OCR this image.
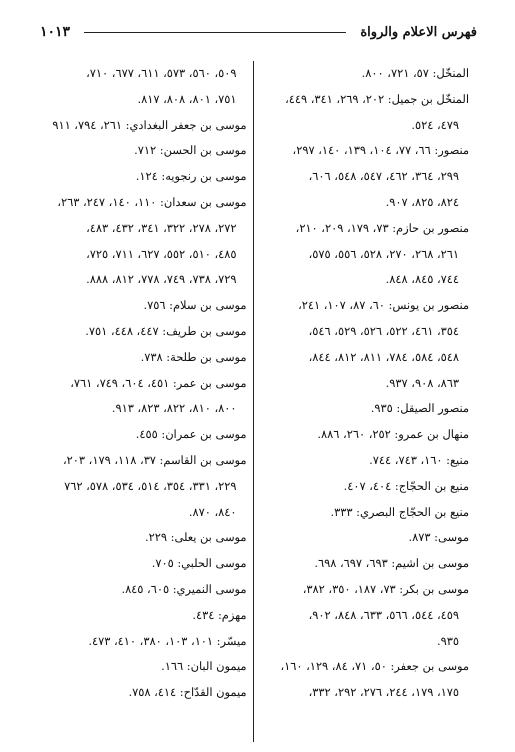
فهرس الاعلام والرواة
١٠١٣
المنخّل: ٥٧، ٧٢١، ٨٠٠.
المنخّل بن جميل: ٢٠٢، ٢٦٩، ٣٤١، ٤٤٩،
٤٧٩، ٥٢٤.
منصور: ٦٦، ٧٧، ١٠٤، ١٣٩، ١٤٠، ٢٩٧،
٢٩٩، ٣٦٤، ٤٦٢، ٥٤٧، ٥٤٨، ٦٠٦،
٨٢٤، ٨٢٥، ٩٠٧.
منصور بن حازم: ٧٣، ١٧٩، ٢٠٩، ٢١٠،
٢٦١، ٢٦٨، ٢٧٠، ٥٢٨، ٥٥٦، ٥٧٥،
٧٤٤، ٨٤٥، ٨٤٨.
منصور بن يونس: ٦٠، ٨٧، ١٠٧، ٢٤١،
٣٥٤، ٤٦١، ٥٢٢، ٥٢٦، ٥٢٩، ٥٤٦،
٥٤٨، ٥٨٤، ٧٨٤، ٨١١، ٨١٢، ٨٤٤،
٨٦٣، ٩٠٨، ٩٣٧.
منصور الصيقل: ٩٣٥.
منهال بن عمرو: ٢٥٢، ٢٦٠، ٨٨٦.
منيع: ١٦٠، ٧٤٣، ٧٤٤.
منيع بن الحجّاج: ٤٠٤، ٤٠٧.
منيع بن الحجّاج البصري: ٣٣٣.
موسى: ٨٧٣.
موسى بن اشيم: ٦٩٣، ٦٩٧، ٦٩٨.
موسى بن بكر: ٧٣، ١٨٧، ٣٥٠، ٣٨٢،
٤٥٩، ٥٤٤، ٥٦٦، ٦٣٣، ٨٤٨، ٩٠٢،
٩٣٥.
موسى بن جعفر: ٥٠، ٧١، ٨٤، ١٢٩، ١٦٠،
١٧٥، ١٧٩، ٢٤٤، ٢٧٦، ٢٩٢، ٣٣٢،
٥٠٩، ٥٦٠، ٥٧٣، ٦١١، ٦٧٧، ٧١٠،
٧٥١، ٨٠١، ٨٠٨، ٨١٧.
موسى بن جعفر البغدادي: ٢٦١، ٧٩٤، ٩١١
موسى بن الحسن: ٧١٢.
موسى بن رنجويه: ١٢٤.
موسى بن سعدان: ١١٠، ١٤٠، ٢٤٧، ٢٦٣،
٢٧٢، ٢٧٨، ٣٢٢، ٣٤١، ٤٣٢، ٤٨٣،
٤٨٥، ٥١٠، ٥٥٢، ٦٢٧، ٧١١، ٧٢٥،
٧٢٩، ٧٣٨، ٧٤٩، ٧٧٨، ٨١٢، ٨٨٨.
موسى بن سلام: ٧٥٦.
موسى بن طريف: ٤٤٧، ٤٤٨، ٧٥١.
موسى بن طلحة: ٧٣٨.
موسى بن عمر: ٤٥١، ٦٠٤، ٧٤٩، ٧٦١،
٨٠٠، ٨١٠، ٨٢٢، ٨٢٣، ٩١٣.
موسى بن عمران: ٤٥٥.
موسى بن القاسم: ٣٧، ١١٨، ١٧٩، ٢٠٣،
٢٢٩، ٣٣١، ٣٥٤، ٥١٤، ٥٣٤، ٥٧٨، ٧٦٢
٨٤٠، ٨٧٠.
موسى بن يعلى: ٢٢٩.
موسى الحلبي: ٧٠٥.
موسى النميري: ٦٠٥، ٨٤٥.
مهزم: ٤٣٤.
ميسّر: ١٠١، ١٠٣، ٣٨٠، ٤١٠، ٤٧٣.
ميمون البان: ١٦٦.
ميمون القدّاح: ٤١٤، ٧٥٨.
